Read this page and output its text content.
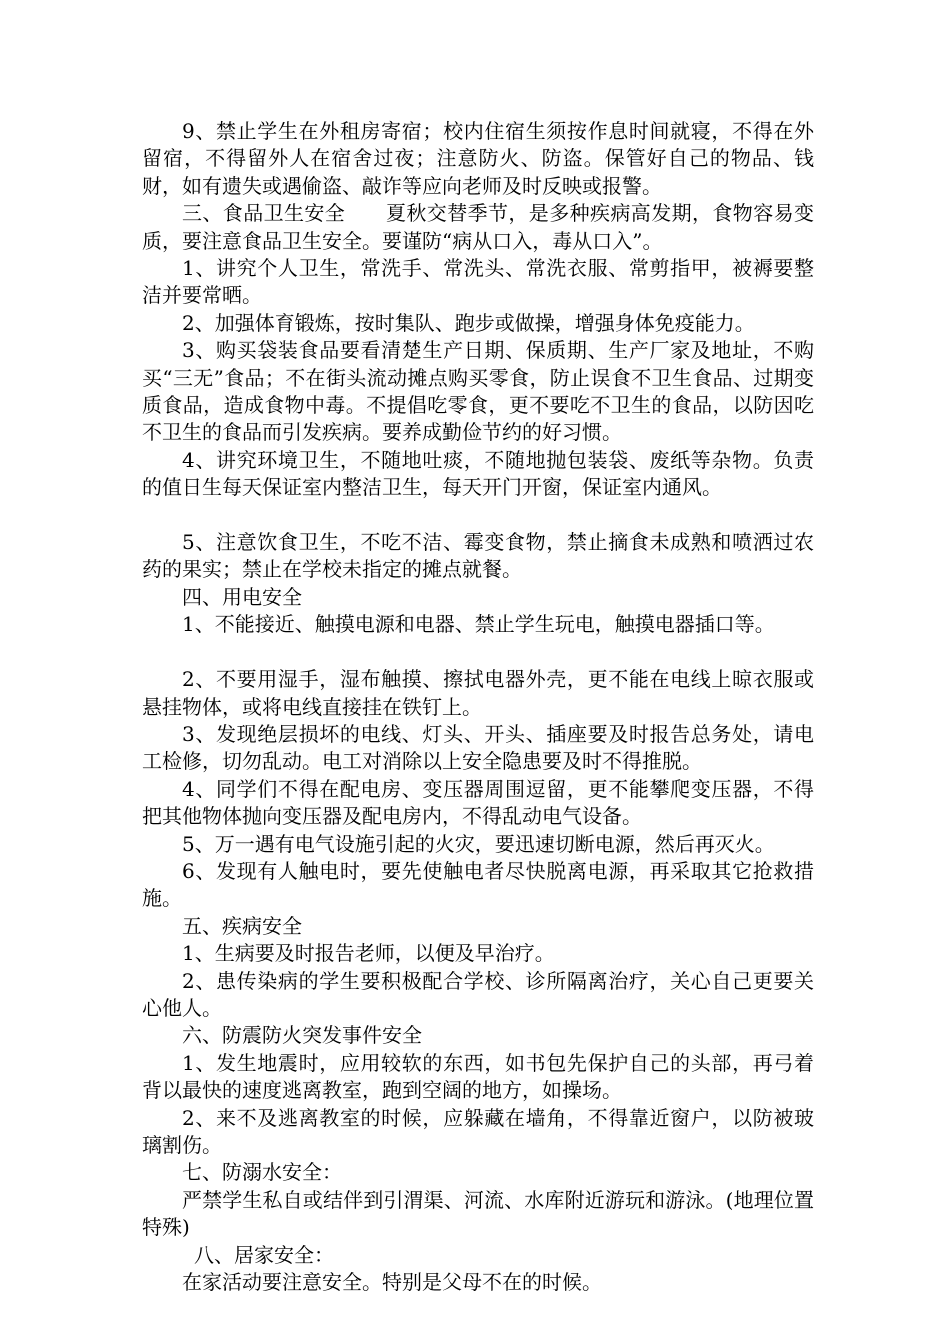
9、禁止学生在外租房寄宿；校内住宿生须按作息时间就寝，不得在外留宿，不得留外人在宿舍过夜；注意防火、防盗。保管好自己的物品、钱财，如有遗失或遇偷盗、敲诈等应向老师及时反映或报警。

三、食品卫生安全　　夏秋交替季节，是多种疾病高发期，食物容易变质，要注意食品卫生安全。要谨防“病从口入，毒从口入”。

1、讲究个人卫生，常洗手、常洗头、常洗衣服、常剪指甲，被褥要整洁并要常晒。

2、加强体育锻炼，按时集队、跑步或做操，增强身体免疫能力。

3、购买袋装食品要看清楚生产日期、保质期、生产厂家及地址，不购买“三无”食品；不在街头流动摊点购买零食，防止误食不卫生食品、过期变质食品，造成食物中毒。不提倡吃零食，更不要吃不卫生的食品，以防因吃不卫生的食品而引发疾病。要养成勤俭节约的好习惯。

4、讲究环境卫生，不随地吐痰，不随地抛包装袋、废纸等杂物。负责的值日生每天保证室内整洁卫生，每天开门开窗，保证室内通风。

5、注意饮食卫生，不吃不洁、霉变食物，禁止摘食未成熟和喷洒过农药的果实；禁止在学校未指定的摊点就餐。

四、用电安全

1、不能接近、触摸电源和电器、禁止学生玩电，触摸电器插口等。

2、不要用湿手，湿布触摸、擦拭电器外壳，更不能在电线上晾衣服或悬挂物体，或将电线直接挂在铁钉上。

3、发现绝层损坏的电线、灯头、开头、插座要及时报告总务处，请电工检修，切勿乱动。电工对消除以上安全隐患要及时不得推脱。

4、同学们不得在配电房、变压器周围逗留，更不能攀爬变压器，不得把其他物体抛向变压器及配电房内，不得乱动电气设备。

5、万一遇有电气设施引起的火灾，要迅速切断电源，然后再灭火。

6、发现有人触电时，要先使触电者尽快脱离电源，再采取其它抢救措施。

五、疾病安全

1、生病要及时报告老师，以便及早治疗。

2、患传染病的学生要积极配合学校、诊所隔离治疗，关心自己更要关心他人。

六、防震防火突发事件安全

1、发生地震时，应用较软的东西，如书包先保护自己的头部，再弓着背以最快的速度逃离教室，跑到空阔的地方，如操场。

2、来不及逃离教室的时候，应躲藏在墙角，不得靠近窗户，以防被玻璃割伤。

七、防溺水安全：

严禁学生私自或结伴到引渭渠、河流、水库附近游玩和游泳。(地理位置特殊)

八、居家安全：

在家活动要注意安全。特别是父母不在的时候。
